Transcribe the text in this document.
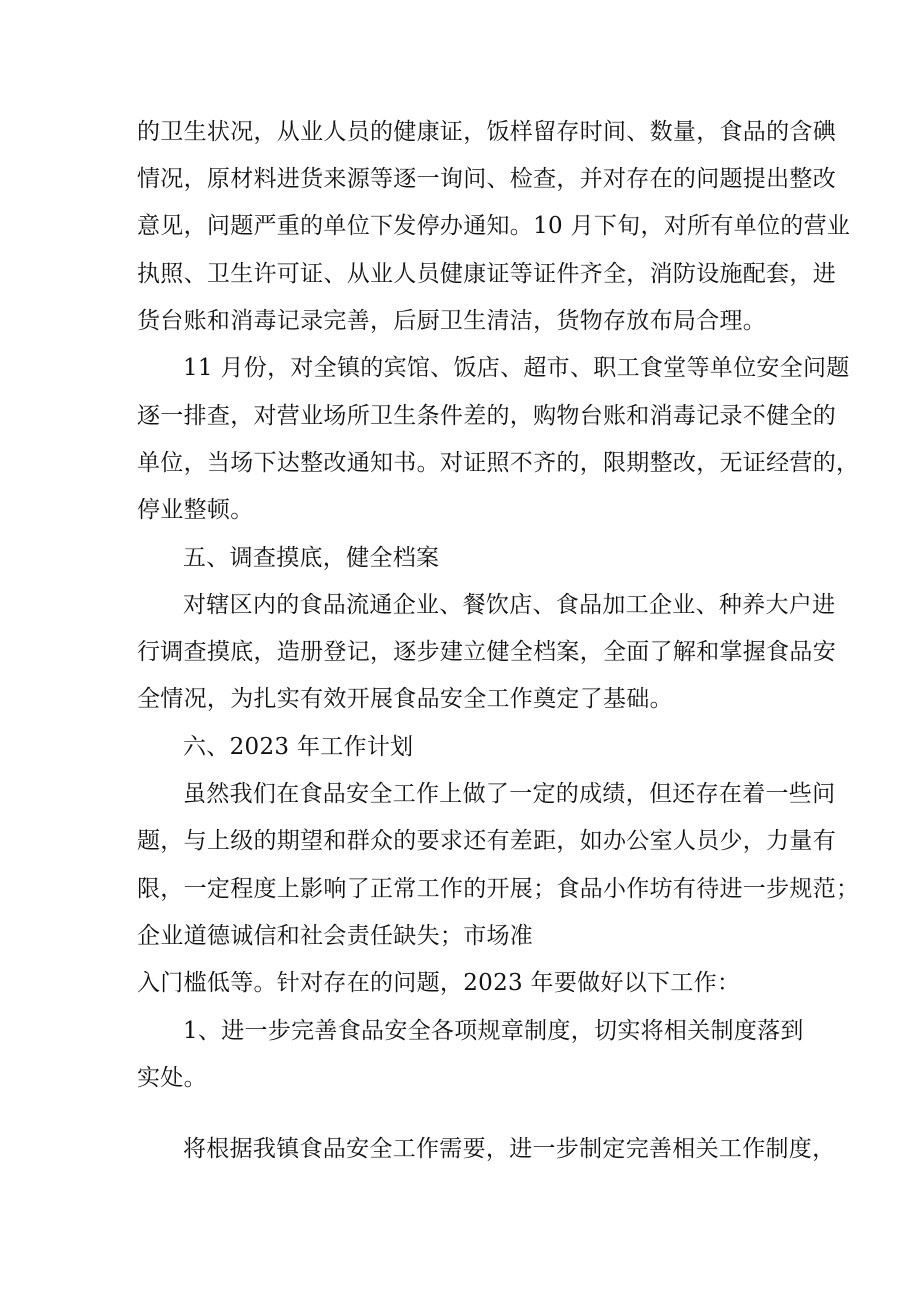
的卫生状况，从业人员的健康证，饭样留存时间、数量，食品的含碘
情况，原材料进货来源等逐一询问、检查，并对存在的问题提出整改
意见，问题严重的单位下发停办通知。10 月下旬，对所有单位的营业
执照、卫生许可证、从业人员健康证等证件齐全，消防设施配套，进
货台账和消毒记录完善，后厨卫生清洁，货物存放布局合理。
11 月份，对全镇的宾馆、饭店、超市、职工食堂等单位安全问题
逐一排查，对营业场所卫生条件差的，购物台账和消毒记录不健全的
单位，当场下达整改通知书。对证照不齐的，限期整改，无证经营的，
停业整顿。
五、调查摸底，健全档案
对辖区内的食品流通企业、餐饮店、食品加工企业、种养大户进
行调查摸底，造册登记，逐步建立健全档案，全面了解和掌握食品安
全情况，为扎实有效开展食品安全工作奠定了基础。
六、2023 年工作计划
虽然我们在食品安全工作上做了一定的成绩，但还存在着一些问
题，与上级的期望和群众的要求还有差距，如办公室人员少，力量有
限，一定程度上影响了正常工作的开展；食品小作坊有待进一步规范；
企业道德诚信和社会责任缺失；市场准
入门槛低等。针对存在的问题，2023 年要做好以下工作：
1、进一步完善食品安全各项规章制度，切实将相关制度落到
实处。
将根据我镇食品安全工作需要，进一步制定完善相关工作制度，
